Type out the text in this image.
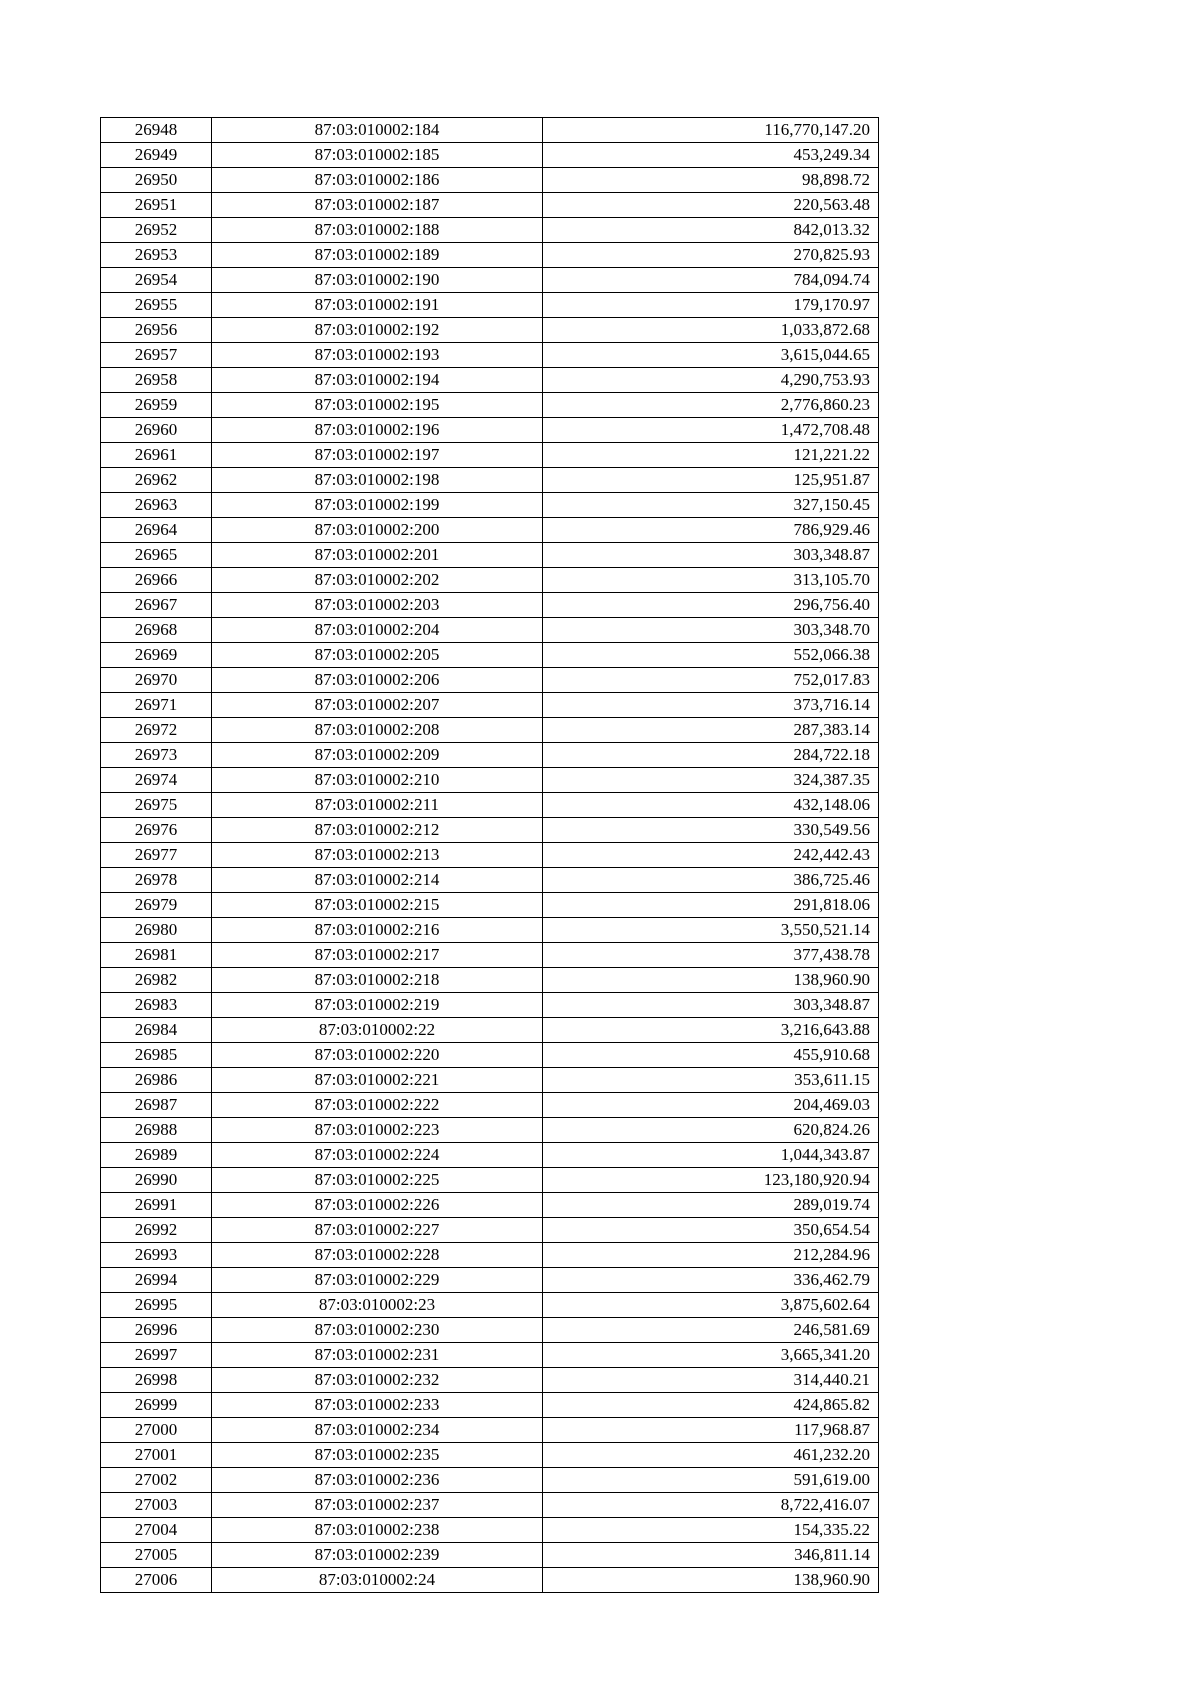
26948	87:03:010002:184	116,770,147.20
26949	87:03:010002:185	453,249.34
26950	87:03:010002:186	98,898.72
26951	87:03:010002:187	220,563.48
26952	87:03:010002:188	842,013.32
26953	87:03:010002:189	270,825.93
26954	87:03:010002:190	784,094.74
26955	87:03:010002:191	179,170.97
26956	87:03:010002:192	1,033,872.68
26957	87:03:010002:193	3,615,044.65
26958	87:03:010002:194	4,290,753.93
26959	87:03:010002:195	2,776,860.23
26960	87:03:010002:196	1,472,708.48
26961	87:03:010002:197	121,221.22
26962	87:03:010002:198	125,951.87
26963	87:03:010002:199	327,150.45
26964	87:03:010002:200	786,929.46
26965	87:03:010002:201	303,348.87
26966	87:03:010002:202	313,105.70
26967	87:03:010002:203	296,756.40
26968	87:03:010002:204	303,348.70
26969	87:03:010002:205	552,066.38
26970	87:03:010002:206	752,017.83
26971	87:03:010002:207	373,716.14
26972	87:03:010002:208	287,383.14
26973	87:03:010002:209	284,722.18
26974	87:03:010002:210	324,387.35
26975	87:03:010002:211	432,148.06
26976	87:03:010002:212	330,549.56
26977	87:03:010002:213	242,442.43
26978	87:03:010002:214	386,725.46
26979	87:03:010002:215	291,818.06
26980	87:03:010002:216	3,550,521.14
26981	87:03:010002:217	377,438.78
26982	87:03:010002:218	138,960.90
26983	87:03:010002:219	303,348.87
26984	87:03:010002:22	3,216,643.88
26985	87:03:010002:220	455,910.68
26986	87:03:010002:221	353,611.15
26987	87:03:010002:222	204,469.03
26988	87:03:010002:223	620,824.26
26989	87:03:010002:224	1,044,343.87
26990	87:03:010002:225	123,180,920.94
26991	87:03:010002:226	289,019.74
26992	87:03:010002:227	350,654.54
26993	87:03:010002:228	212,284.96
26994	87:03:010002:229	336,462.79
26995	87:03:010002:23	3,875,602.64
26996	87:03:010002:230	246,581.69
26997	87:03:010002:231	3,665,341.20
26998	87:03:010002:232	314,440.21
26999	87:03:010002:233	424,865.82
27000	87:03:010002:234	117,968.87
27001	87:03:010002:235	461,232.20
27002	87:03:010002:236	591,619.00
27003	87:03:010002:237	8,722,416.07
27004	87:03:010002:238	154,335.22
27005	87:03:010002:239	346,811.14
27006	87:03:010002:24	138,960.90
